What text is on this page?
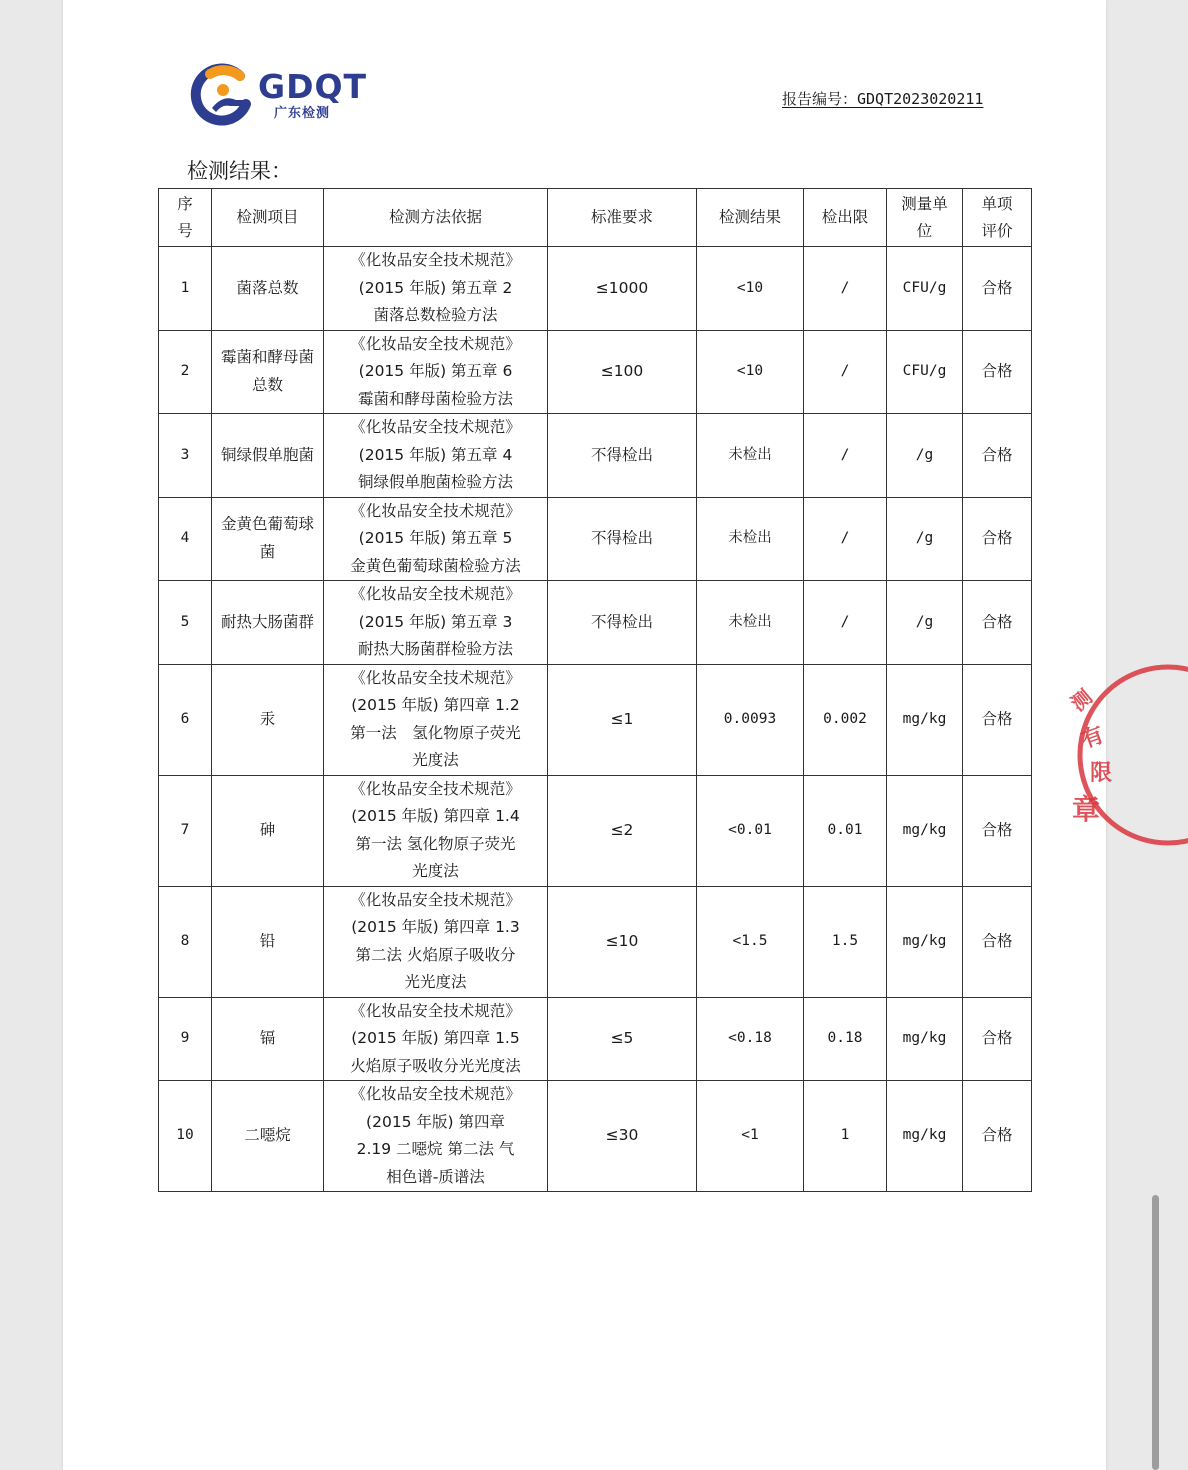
GDQT
广东检测
报告编号：GDQT2023020211
检测结果：
序号	检测项目	检测方法依据	标准要求	检测结果	检出限	测量单位	单项评价
1	菌落总数	《化妆品安全技术规范》
(2015 年版) 第五章 2
菌落总数检验方法	≤1000	<10	/	CFU/g	合格
2	霉菌和酵母菌总数	《化妆品安全技术规范》
(2015 年版) 第五章 6
霉菌和酵母菌检验方法	≤100	<10	/	CFU/g	合格
3	铜绿假单胞菌	《化妆品安全技术规范》
(2015 年版) 第五章 4
铜绿假单胞菌检验方法	不得检出	未检出	/	/g	合格
4	金黄色葡萄球菌	《化妆品安全技术规范》
(2015 年版) 第五章 5
金黄色葡萄球菌检验方法	不得检出	未检出	/	/g	合格
5	耐热大肠菌群	《化妆品安全技术规范》
(2015 年版) 第五章 3
耐热大肠菌群检验方法	不得检出	未检出	/	/g	合格
6	汞	《化妆品安全技术规范》
(2015 年版) 第四章 1.2
第一法　氢化物原子荧光
光度法	≤1	0.0093	0.002	mg/kg	合格
7	砷	《化妆品安全技术规范》
(2015 年版) 第四章 1.4
第一法 氢化物原子荧光
光度法	≤2	<0.01	0.01	mg/kg	合格
8	铅	《化妆品安全技术规范》
(2015 年版) 第四章 1.3
第二法 火焰原子吸收分
光光度法	≤10	<1.5	1.5	mg/kg	合格
9	镉	《化妆品安全技术规范》
(2015 年版) 第四章 1.5
火焰原子吸收分光光度法	≤5	<0.18	0.18	mg/kg	合格
10	二噁烷	《化妆品安全技术规范》
(2015 年版) 第四章
2.19 二噁烷 第二法 气
相色谱-质谱法	≤30	<1	1	mg/kg	合格
测
有
限
章
